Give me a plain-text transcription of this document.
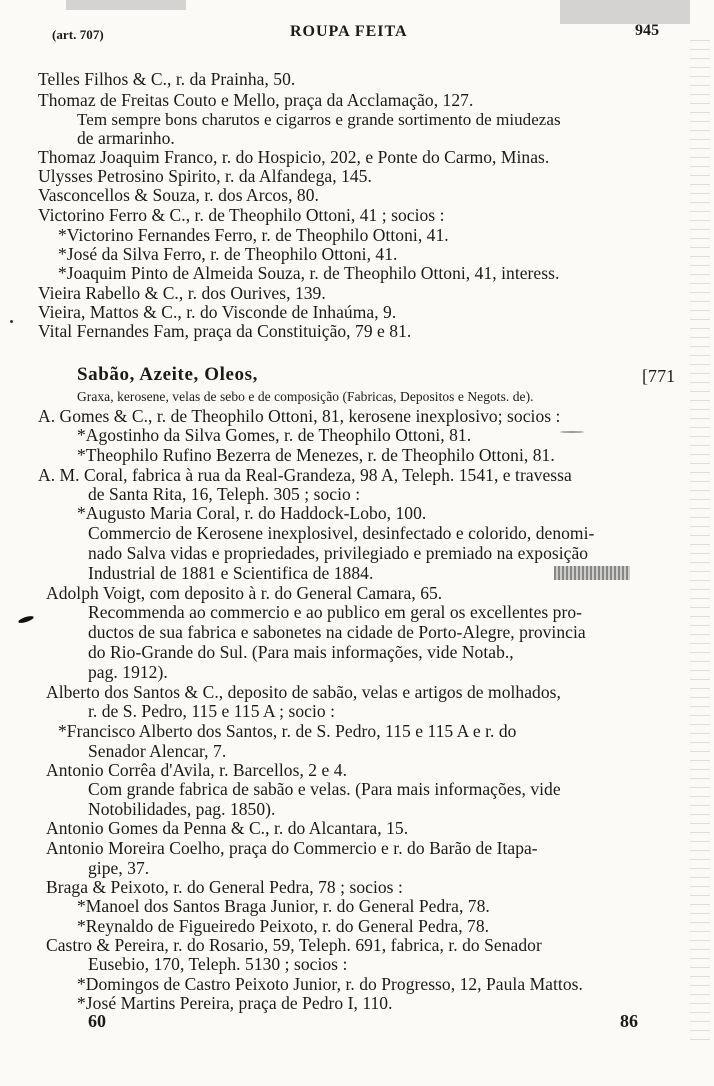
(art. 707)	ROUPA FEITA	945
Telles Filhos & C., r. da Prainha, 50.
Thomaz de Freitas Couto e Mello, praça da Acclamação, 127.
Tem sempre bons charutos e cigarros e grande sortimento de miudezas
de armarinho.
Thomaz Joaquim Franco, r. do Hospicio, 202, e Ponte do Carmo, Minas.
Ulysses Petrosino Spirito, r. da Alfandega, 145.
Vasconcellos & Souza, r. dos Arcos, 80.
Victorino Ferro & C., r. de Theophilo Ottoni, 41 ; socios :
*Victorino Fernandes Ferro, r. de Theophilo Ottoni, 41.
*José da Silva Ferro, r. de Theophilo Ottoni, 41.
*Joaquim Pinto de Almeida Souza, r. de Theophilo Ottoni, 41, interess.
Vieira Rabello & C., r. dos Ourives, 139.
Vieira, Mattos & C., r. do Visconde de Inhaúma, 9.
Vital Fernandes Fam, praça da Constituição, 79 e 81.
Sabão, Azeite, Oleos,	[771
Graxa, kerosene, velas de sebo e de composição (Fabricas, Depositos e Negots. de).
A. Gomes & C., r. de Theophilo Ottoni, 81, kerosene inexplosivo; socios :
*Agostinho da Silva Gomes, r. de Theophilo Ottoni, 81.
*Theophilo Rufino Bezerra de Menezes, r. de Theophilo Ottoni, 81.
A. M. Coral, fabrica à rua da Real-Grandeza, 98 A, Teleph. 1541, e travessa
de Santa Rita, 16, Teleph. 305 ; socio :
*Augusto Maria Coral, r. do Haddock-Lobo, 100.
Commercio de Kerosene inexplosivel, desinfectado e colorido, denomi-
nado Salva vidas e propriedades, privilegiado e premiado na exposição
Industrial de 1881 e Scientifica de 1884.
Adolph Voigt, com deposito à r. do General Camara, 65.
Recommenda ao commercio e ao publico em geral os excellentes pro-
ductos de sua fabrica e sabonetes na cidade de Porto-Alegre, provincia
do Rio-Grande do Sul. (Para mais informações, vide Notab.,
pag. 1912).
Alberto dos Santos & C., deposito de sabão, velas e artigos de molhados,
r. de S. Pedro, 115 e 115 A ; socio :
*Francisco Alberto dos Santos, r. de S. Pedro, 115 e 115 A e r. do
Senador Alencar, 7.
Antonio Corrêa d'Avila, r. Barcellos, 2 e 4.
Com grande fabrica de sabão e velas. (Para mais informações, vide
Notobilidades, pag. 1850).
Antonio Gomes da Penna & C., r. do Alcantara, 15.
Antonio Moreira Coelho, praça do Commercio e r. do Barão de Itapa-
gipe, 37.
Braga & Peixoto, r. do General Pedra, 78 ; socios :
*Manoel dos Santos Braga Junior, r. do General Pedra, 78.
*Reynaldo de Figueiredo Peixoto, r. do General Pedra, 78.
Castro & Pereira, r. do Rosario, 59, Teleph. 691, fabrica, r. do Senador
Eusebio, 170, Teleph. 5130 ; socios :
*Domingos de Castro Peixoto Junior, r. do Progresso, 12, Paula Mattos.
*José Martins Pereira, praça de Pedro I, 110.
60	86
